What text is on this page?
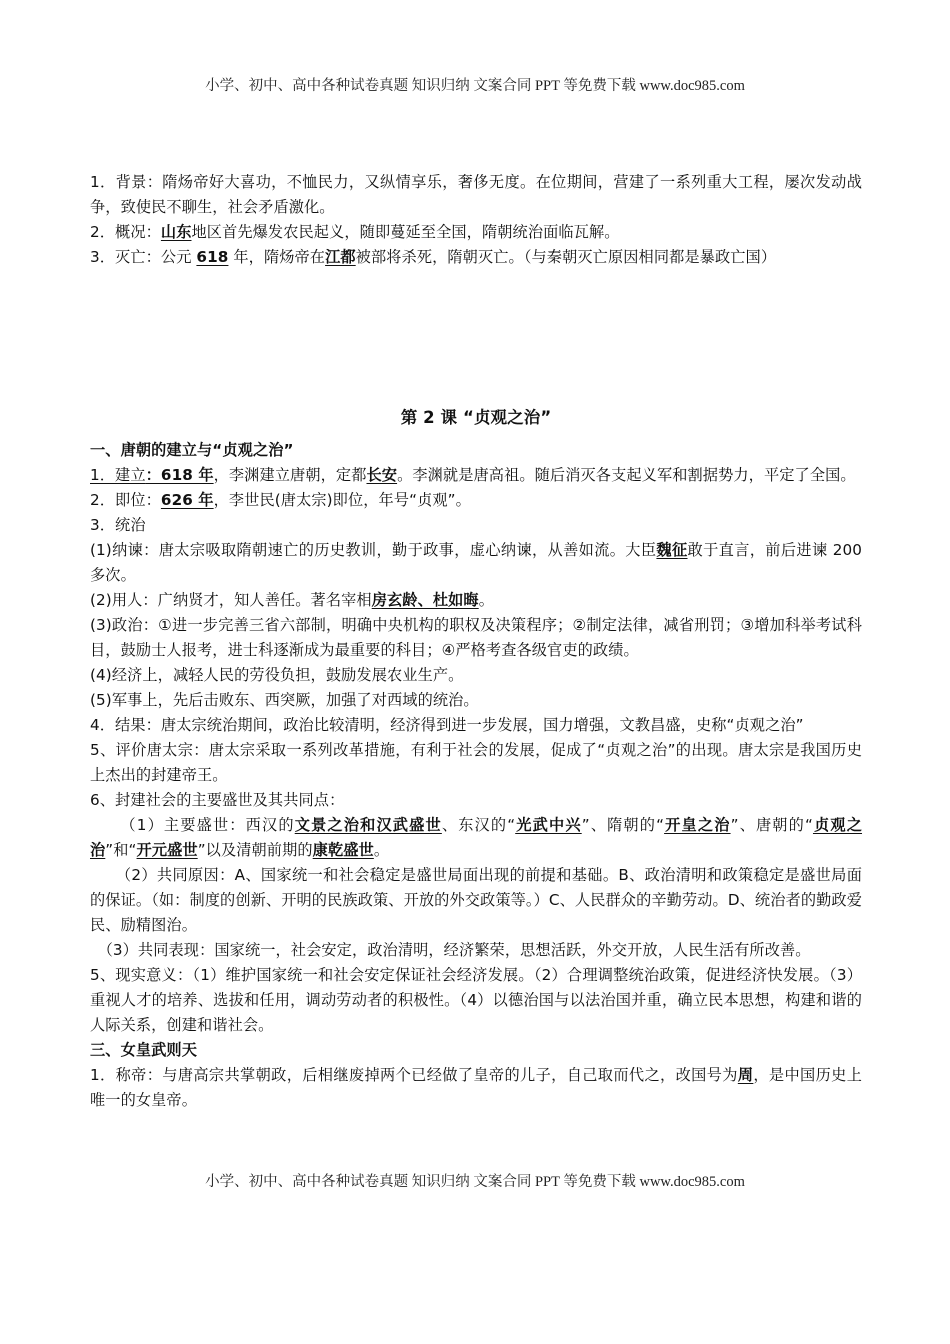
小学、初中、高中各种试卷真题 知识归纳 文案合同 PPT 等免费下载 www.doc985.com

1．背景：隋炀帝好大喜功，不恤民力，又纵情享乐，奢侈无度。在位期间，营建了一系列重大工程，屡次发动战争，致使民不聊生，社会矛盾激化。

2．概况：山东地区首先爆发农民起义，随即蔓延至全国，隋朝统治面临瓦解。

3．灭亡：公元 618 年，隋炀帝在江都被部将杀死，隋朝灭亡。（与秦朝灭亡原因相同都是暴政亡国）

第 2 课 “贞观之治”

一、唐朝的建立与“贞观之治”

1．建立：618 年，李渊建立唐朝，定都长安。李渊就是唐高祖。随后消灭各支起义军和割据势力，平定了全国。

2．即位：626 年，李世民(唐太宗)即位，年号“贞观”。

3．统治

(1)纳谏：唐太宗吸取隋朝速亡的历史教训，勤于政事，虚心纳谏，从善如流。大臣魏征敢于直言，前后进谏 200 多次。

(2)用人：广纳贤才，知人善任。著名宰相房玄龄、杜如晦。

(3)政治：①进一步完善三省六部制，明确中央机构的职权及决策程序；②制定法律，减省刑罚；③增加科举考试科目，鼓励士人报考，进士科逐渐成为最重要的科目；④严格考查各级官吏的政绩。

(4)经济上，减轻人民的劳役负担，鼓励发展农业生产。

(5)军事上，先后击败东、西突厥，加强了对西域的统治。

4．结果：唐太宗统治期间，政治比较清明，经济得到进一步发展，国力增强，文教昌盛，史称“贞观之治”

5、评价唐太宗：唐太宗采取一系列改革措施，有利于社会的发展，促成了“贞观之治”的出现。唐太宗是我国历史上杰出的封建帝王。

6、封建社会的主要盛世及其共同点：

（1）主要盛世：西汉的文景之治和汉武盛世、东汉的“光武中兴”、隋朝的“开皇之治”、唐朝的“贞观之治”和“开元盛世”以及清朝前期的康乾盛世。

（2）共同原因：A、国家统一和社会稳定是盛世局面出现的前提和基础。B、政治清明和政策稳定是盛世局面的保证。（如：制度的创新、开明的民族政策、开放的外交政策等。）C、人民群众的辛勤劳动。D、统治者的勤政爱民、励精图治。

（3）共同表现：国家统一，社会安定，政治清明，经济繁荣，思想活跃，外交开放，人民生活有所改善。

5、现实意义：（1）维护国家统一和社会安定保证社会经济发展。（2）合理调整统治政策，促进经济快发展。（3）重视人才的培养、选拔和任用，调动劳动者的积极性。（4）以德治国与以法治国并重，确立民本思想，构建和谐的人际关系，创建和谐社会。

三、女皇武则天

1．称帝：与唐高宗共掌朝政，后相继废掉两个已经做了皇帝的儿子，自己取而代之，改国号为周，是中国历史上唯一的女皇帝。

小学、初中、高中各种试卷真题 知识归纳 文案合同 PPT 等免费下载 www.doc985.com
